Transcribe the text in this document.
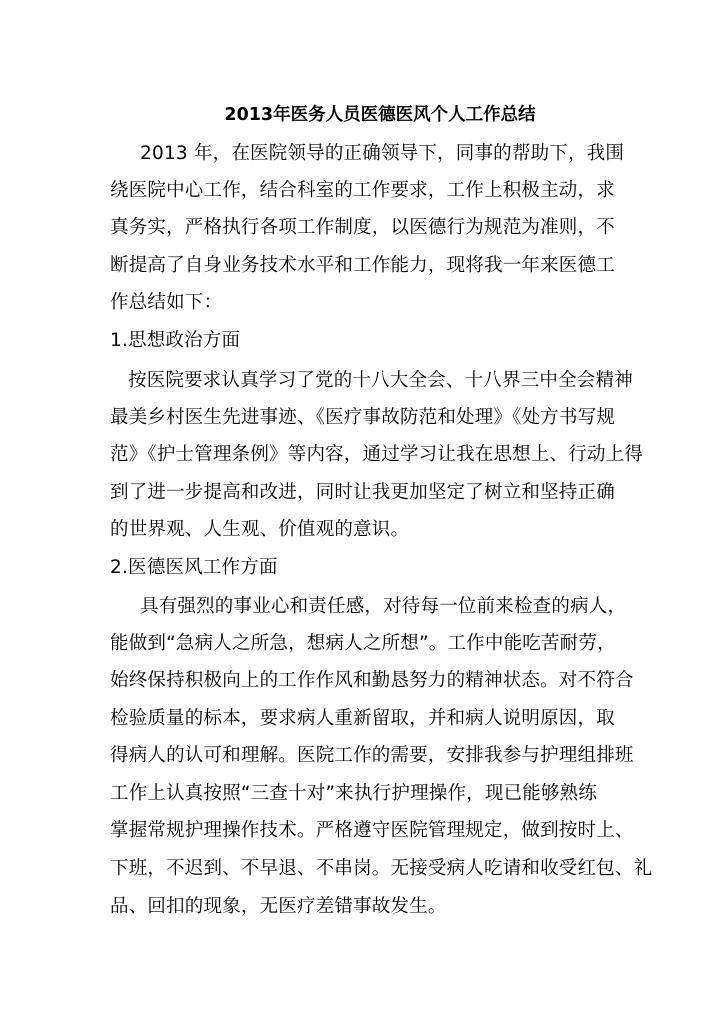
2013年医务人员医德医风个人工作总结
2013 年，在医院领导的正确领导下，同事的帮助下，我围
绕医院中心工作，结合科室的工作要求，工作上积极主动，求
真务实，严格执行各项工作制度，以医德行为规范为准则，不
断提高了自身业务技术水平和工作能力，现将我一年来医德工
作总结如下：
1.思想政治方面
按医院要求认真学习了党的十八大全会、十八界三中全会精神
最美乡村医生先进事迹、《医疗事故防范和处理》《处方书写规
范》《护士管理条例》等内容，通过学习让我在思想上、行动上得
到了进一步提高和改进，同时让我更加坚定了树立和坚持正确
的世界观、人生观、价值观的意识。
2.医德医风工作方面
具有强烈的事业心和责任感，对待每一位前来检查的病人，
能做到“急病人之所急，想病人之所想”。工作中能吃苦耐劳，
始终保持积极向上的工作作风和勤恳努力的精神状态。对不符合
检验质量的标本，要求病人重新留取，并和病人说明原因，取
得病人的认可和理解。医院工作的需要，安排我参与护理组排班
工作上认真按照“三查十对”来执行护理操作，现已能够熟练
掌握常规护理操作技术。严格遵守医院管理规定，做到按时上、
下班，不迟到、不早退、不串岗。无接受病人吃请和收受红包、礼
品、回扣的现象，无医疗差错事故发生。
